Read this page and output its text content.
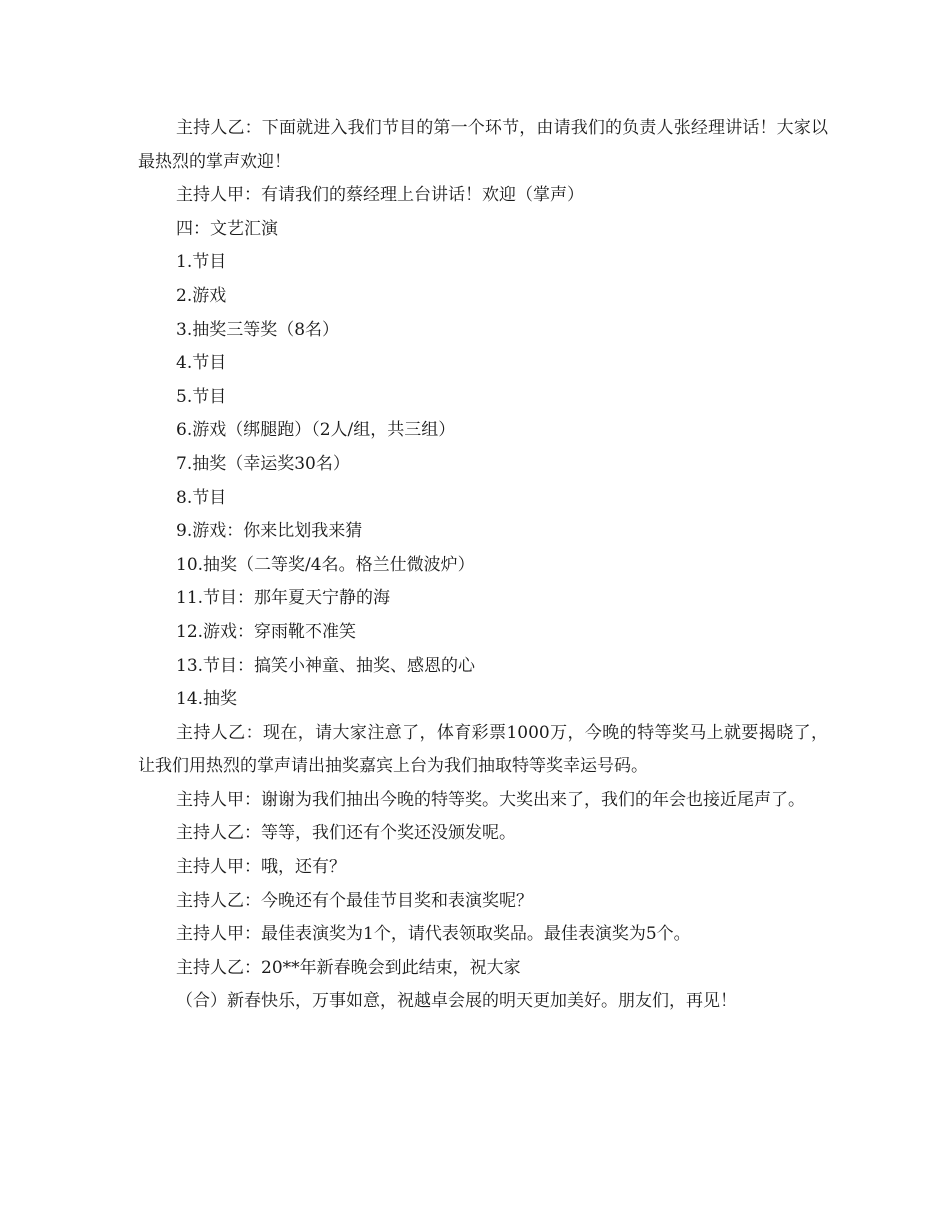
主持人乙：下面就进入我们节目的第一个环节，由请我们的负责人张经理讲话！大家以最热烈的掌声欢迎！

主持人甲：有请我们的蔡经理上台讲话！欢迎（掌声）

四：文艺汇演

1.节目

2.游戏

3.抽奖三等奖（8名）

4.节目

5.节目

6.游戏（绑腿跑）（2人/组，共三组）

7.抽奖（幸运奖30名）

8.节目

9.游戏：你来比划我来猜

10.抽奖（二等奖/4名。格兰仕微波炉）

11.节目：那年夏天宁静的海

12.游戏：穿雨靴不准笑

13.节目：搞笑小神童、抽奖、感恩的心

14.抽奖

主持人乙：现在，请大家注意了，体育彩票1000万，今晚的特等奖马上就要揭晓了，让我们用热烈的掌声请出抽奖嘉宾上台为我们抽取特等奖幸运号码。

主持人甲：谢谢为我们抽出今晚的特等奖。大奖出来了，我们的年会也接近尾声了。

主持人乙：等等，我们还有个奖还没颁发呢。

主持人甲：哦，还有？

主持人乙：今晚还有个最佳节目奖和表演奖呢？

主持人甲：最佳表演奖为1个，请代表领取奖品。最佳表演奖为5个。

主持人乙：20**年新春晚会到此结束，祝大家

（合）新春快乐，万事如意，祝越卓会展的明天更加美好。朋友们，再见！
